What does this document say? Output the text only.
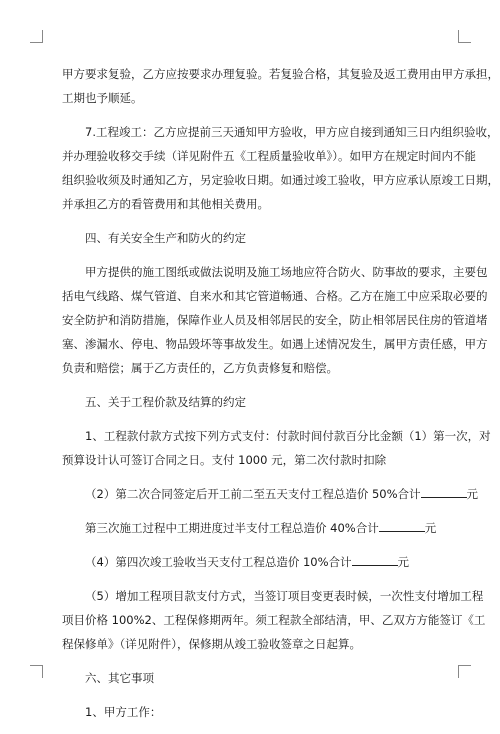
甲方要求复验，乙方应按要求办理复验。若复验合格，其复验及返工费用由甲方承担，
工期也予顺延。

7.工程竣工：乙方应提前三天通知甲方验收，甲方应自接到通知三日内组织验收，
并办理验收移交手续（详见附件五《工程质量验收单》）。如甲方在规定时间内不能
组织验收须及时通知乙方，另定验收日期。如通过竣工验收，甲方应承认原竣工日期，
并承担乙方的看管费用和其他相关费用。

四、有关安全生产和防火的约定

甲方提供的施工图纸或做法说明及施工场地应符合防火、防事故的要求，主要包
括电气线路、煤气管道、自来水和其它管道畅通、合格。乙方在施工中应采取必要的
安全防护和消防措施，保障作业人员及相邻居民的安全，防止相邻居民住房的管道堵
塞、渗漏水、停电、物品毁坏等事故发生。如遇上述情况发生，属甲方责任感，甲方
负责和赔偿；属于乙方责任的，乙方负责修复和赔偿。

五、关于工程价款及结算的约定

1、工程款付款方式按下列方式支付：付款时间付款百分比金额（1）第一次，对
预算设计认可签订合同之日。支付 1000 元，第二次付款时扣除

（2）第二次合同签定后开工前二至五天支付工程总造价 50%合计	元

第三次施工过程中工期进度过半支付工程总造价 40%合计	元

（4）第四次竣工验收当天支付工程总造价 10%合计	元

（5）增加工程项目款支付方式，当签订项目变更表时候，一次性支付增加工程
项目价格 100%2、工程保修期两年。须工程款全部结清，甲、乙双方方能签订《工
程保修单》（详见附件），保修期从竣工验收签章之日起算。

六、其它事项

1、甲方工作：
